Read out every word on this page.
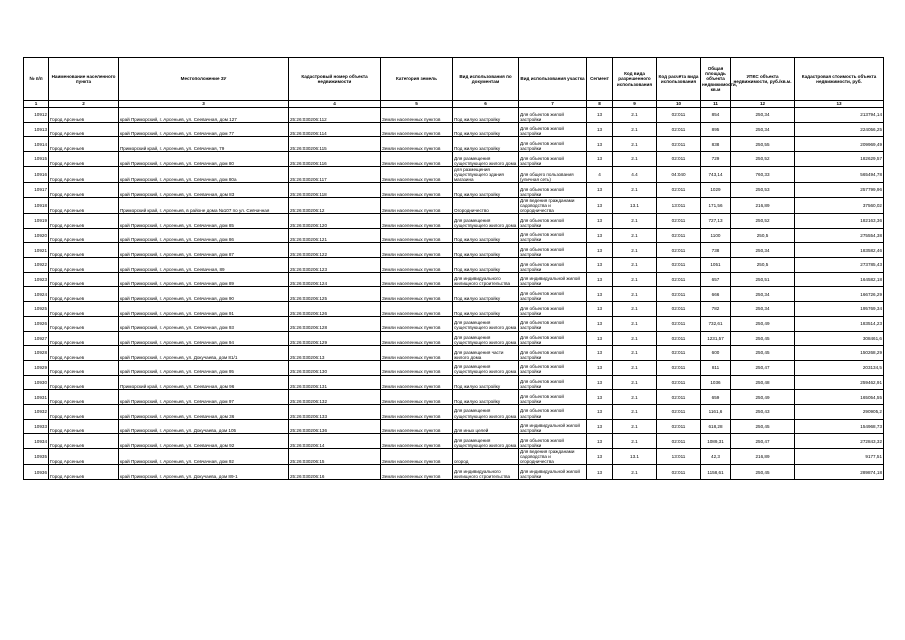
№ п/п	Наименование населенного пункта	Местоположение ЗУ	Кадастровый номер объекта недвижимости	Категория земель	Вид использования по документам	Вид использования участка	Сегмент	Код вида разрешенного использования	Код расчёта вида использования	Общая площадь объекта недвижимости, кв.м	УПКС объекта недвижимости, руб./кв.м.	Кадастровая стоимость объекта недвижимости, руб.
1	2	3	4	5	6	7	8	9	10	11	12	13
10912	Город Арсеньев	край Приморский, г. Арсеньев, ул. Сеевачная, дом 127	25:26:030206:112	Земли населенных пунктов	Под жилую застройку	Для объектов жилой застройки	13	2.1	02:011	854	250,34	213794,14
10913	Город Арсеньев	край Приморский, г. Арсеньев, ул. Севчачная, дом 77	25:26:030206:114	Земли населенных пунктов	Под жилую застройку	Для объектов жилой застройки	13	2.1	02:011	895	250,34	224056,25
10914	Город Арсеньев	Приморский край, г. Арсеньев, ул. Севчачная, 79	25:26:030206:115	Земли населенных пунктов	Под жилую застройку	Для объектов жилой застройки	13	2.1	02:011	838	250,55	209969,49
10915	Город Арсеньев	край Приморский, г. Арсеньев, ул. Севчачная, дом 80	25:26:030206:116	Земли населенных пунктов	Для размещения существующего жилого дома	Для объектов жилой застройки	13	2.1	02:011	729	250,52	182629,57
10916	Город Арсеньев	край Приморский, г. Арсеньев, ул. Севчачная, дом 80а	25:26:030206:117	Земли населенных пунктов	для размещения существующего здания магазина	Для общего пользования (уличная сеть)	4	4.4	04:040	743,14	760,33	565494,78
10917	Город Арсеньев	край Приморский, г. Арсеньев, ул. Сеевачная, дом 83	25:26:030206:118	Земли населенных пунктов	Под жилую застройку	Для объектов жилой застройки	13	2.1	02:011	1029	250,53	257799,96
10918	Город Арсеньев	Приморский край, г. Арсеньев, в районе дома №107 по ул. Севчачная	25:26:030206:12	Земли населенных пунктов	Огородничество	Для ведения гражданами садоводства и огородничества	13	13.1	13:011	171,56	216,89	37560,02
10919	Город Арсеньев	край Приморский, г. Арсеньев, ул. Севчачная, дом 85	25:26:030206:120	Земли населенных пунктов	Для размещения существующего жилого дома	Для объектов жилой застройки	13	2.1	02:011	727,13	250,52	182163,36
10920	Город Арсеньев	край Приморский, г. Арсеньев, ул. Севчачная, дом 86	25:26:030206:121	Земли населенных пунктов	Под жилую застройку	Для объектов жилой застройки	13	2.1	02:011	1100	250,5	275554,38
10921	Город Арсеньев	край Приморский, г. Арсеньев, ул. Севчачная, дом 87	25:26:030206:122	Земли населенных пунктов	Под жилую застройку	Для объектов жилой застройки	13	2.1	02:011	738	250,34	183582,46
10922	Город Арсеньев	край Приморский, г. Арсеньев, ул. Сеевачная, 89	25:26:030206:123	Земли населенных пунктов	Под жилую застройку	Для объектов жилой застройки	13	2.1	02:011	1051	250,5	273785,43
10923	Город Арсеньев	край Приморский, г. Арсеньев, ул. Севчачная, дом 89	25:26:030206:124	Земли населенных пунктов	Для индивидуального жилищного строительства	Для индивидуальной жилой застройки	13	2.1	02:011	657	250,51	164582,18
10924	Город Арсеньев	край Приморский, г. Арсеньев, ул. Севчачная, дом 90	25:26:030206:125	Земли населенных пунктов	Под жилую застройку	Для объектов жилой застройки	13	2.1	02:011	666	250,34	166726,29
10925	Город Арсеньев	край Приморский, г. Арсеньев, ул. Севчачная, дом 91	25:26:030206:126	Земли населенных пунктов	Под жилую застройку	Для объектов жилой застройки	13	2.1	02:011	782	250,34	195769,34
10926	Город Арсеньев	край Приморский, г. Арсеньев, ул. Севчачная, дом 93	25:26:030206:128	Земли населенных пунктов	Для размещения существующего жилого дома	Для объектов жилой застройки	13	2.1	02:011	732,61	250,49	183514,23
10927	Город Арсеньев	край Приморский, г. Арсеньев, ул. Севчачная, дом 94	25:26:030206:129	Земли населенных пунктов	Для размещения существующего жилого дома	Для объектов жилой застройки	13	2.1	02:011	1231,57	250,45	308461,6
10928	Город Арсеньев	край Приморский, г. Арсеньев, ул. Докучаева, дом 81/1	25:26:030206:13	Земли населенных пунктов	Для размещения части жилого дома	Для объектов жилой застройки	13	2.1	02:011	600	250,45	150268,29
10929	Город Арсеньев	край Приморский, г. Арсеньев, ул. Севчачная, дом 95	25:26:030206:130	Земли населенных пунктов	Для размещения существующего жилого дома	Для объектов жилой застройки	13	2.1	02:011	811	250,47	203134,5
10930	Город Арсеньев	Приморский край, г. Арсеньев, ул. Сеевачная, дом 96	25:26:030206:131	Земли населенных пунктов	Под жилую застройку	Для объектов жилой застройки	13	2.1	02:011	1036	250,48	259462,91
10931	Город Арсеньев	край Приморский, г. Арсеньев, ул. Севчачная, дом 97	25:26:030206:132	Земли населенных пунктов	Под жилую застройку	Для объектов жилой застройки	13	2.1	02:011	659	250,49	165054,55
10932	Город Арсеньев	край Приморский, г. Арсеньев, ул. Сеевачная, дом 36	25:26:030206:133	Земли населенных пунктов	Для размещения существующего жилого дома	Для объектов жилой застройки	13	2.1	02:011	1161,6	250,43	290905,2
10933	Город Арсеньев	край Приморский, г. Арсеньев, ул. Докучаева, дом 105	25:26:030206:136	Земли населенных пунктов	Для иных целей	Для индивидуальной жилой застройки	13	2.1	02:011	618,28	250,45	154968,73
10934	Город Арсеньев	край Приморский, г. Арсеньев, ул. Сеевачная, дом 92	25:26:030206:14	Земли населенных пунктов	Для размещения существующего жилого дома	Для объектов жилой застройки	13	2.1	02:011	1089,31	250,47	272843,32
10935	Город Арсеньев	край Приморский, г. Арсеньев, ул. Севчачная, дом 92	25:26:030206:15	Земли населенных пунктов	огород	Для ведения гражданами садоводства и огородничества	13	13.1	13:011	42,3	216,89	9177,51
10936	Город Арсеньев	край Приморский, г. Арсеньев, ул. Докучаева, дом 89-1	25:26:030206:16	Земли населенных пунктов	Для индивидуального жилищного строительства	Для индивидуальной жилой застройки	13	2.1	02:011	1158,61	250,45	289874,18
